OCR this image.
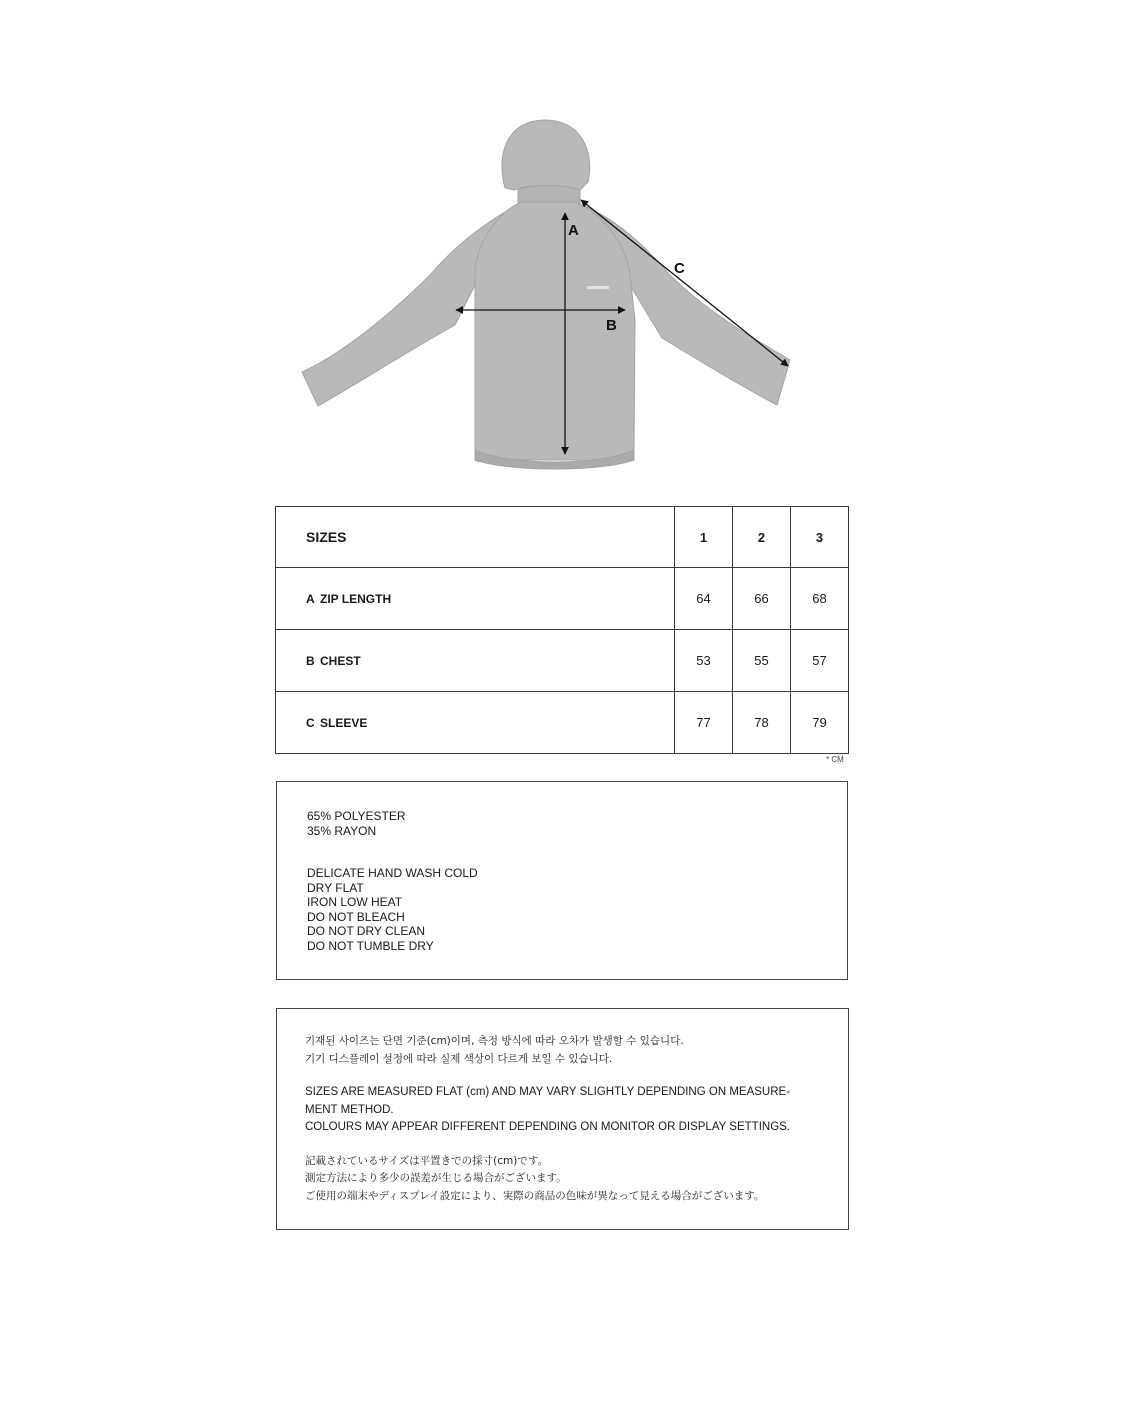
A
B
C
SIZES	1	2	3
A ZIP LENGTH	64	66	68
B CHEST	53	55	57
C SLEEVE	77	78	79
* CM
65% POLYESTER
35% RAYON
DELICATE HAND WASH COLD
DRY FLAT
IRON LOW HEAT
DO NOT BLEACH
DO NOT DRY CLEAN
DO NOT TUMBLE DRY
기재된 사이즈는 단면 기준(cm)이며, 측정 방식에 따라 오차가 발생할 수 있습니다.
기기 디스플레이 설정에 따라 실제 색상이 다르게 보일 수 있습니다.
SIZES ARE MEASURED FLAT (cm) AND MAY VARY SLIGHTLY DEPENDING ON MEASURE-
MENT METHOD.
COLOURS MAY APPEAR DIFFERENT DEPENDING ON MONITOR OR DISPLAY SETTINGS.
記載されているサイズは平置きでの採寸(cm)です。
測定方法により多少の誤差が生じる場合がございます。
ご使用の端末やディスプレイ設定により、実際の商品の色味が異なって見える場合がございます。
